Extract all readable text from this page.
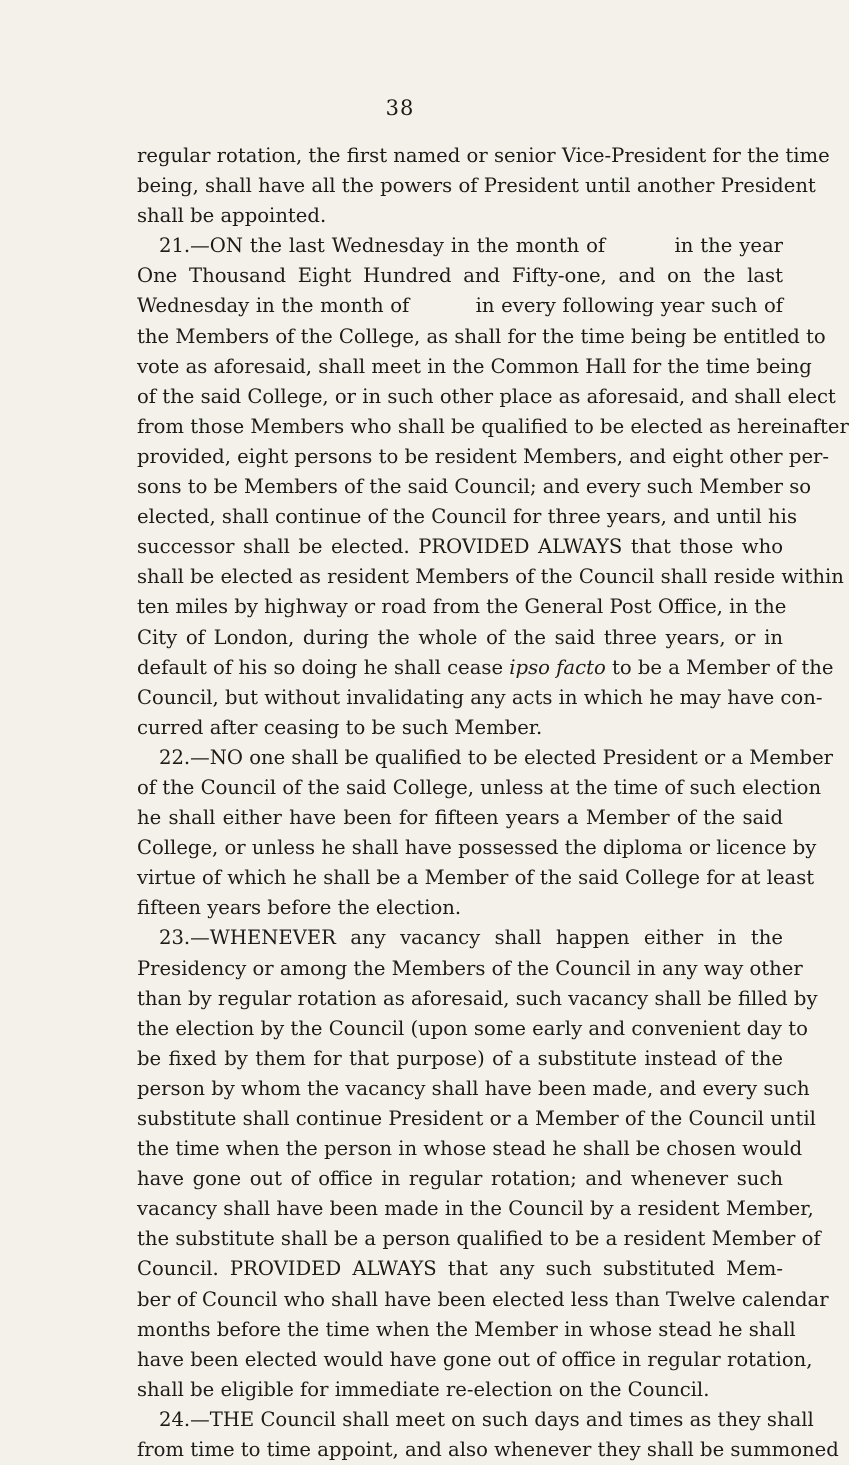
38
regular rotation, the first named or senior Vice-President for the time
being, shall have all the powers of President until another President
shall be appointed.
21.—ON the last Wednesday in the month of          in the year
One Thousand Eight Hundred and Fifty-one, and on the last
Wednesday in the month of          in every following year such of
the Members of the College, as shall for the time being be entitled to
vote as aforesaid, shall meet in the Common Hall for the time being
of the said College, or in such other place as aforesaid, and shall elect
from those Members who shall be qualified to be elected as hereinafter
provided, eight persons to be resident Members, and eight other per-
sons to be Members of the said Council; and every such Member so
elected, shall continue of the Council for three years, and until his
successor shall be elected. PROVIDED ALWAYS that those who
shall be elected as resident Members of the Council shall reside within
ten miles by highway or road from the General Post Office, in the
City of London, during the whole of the said three years, or in
default of his so doing he shall cease ipso facto to be a Member of the
Council, but without invalidating any acts in which he may have con-
curred after ceasing to be such Member.
22.—NO one shall be qualified to be elected President or a Member
of the Council of the said College, unless at the time of such election
he shall either have been for fifteen years a Member of the said
College, or unless he shall have possessed the diploma or licence by
virtue of which he shall be a Member of the said College for at least
fifteen years before the election.
23.—WHENEVER any vacancy shall happen either in the
Presidency or among the Members of the Council in any way other
than by regular rotation as aforesaid, such vacancy shall be filled by
the election by the Council (upon some early and convenient day to
be fixed by them for that purpose) of a substitute instead of the
person by whom the vacancy shall have been made, and every such
substitute shall continue President or a Member of the Council until
the time when the person in whose stead he shall be chosen would
have gone out of office in regular rotation; and whenever such
vacancy shall have been made in the Council by a resident Member,
the substitute shall be a person qualified to be a resident Member of
Council. PROVIDED ALWAYS that any such substituted Mem-
ber of Council who shall have been elected less than Twelve calendar
months before the time when the Member in whose stead he shall
have been elected would have gone out of office in regular rotation,
shall be eligible for immediate re-election on the Council.
24.—THE Council shall meet on such days and times as they shall
from time to time appoint, and also whenever they shall be summoned
